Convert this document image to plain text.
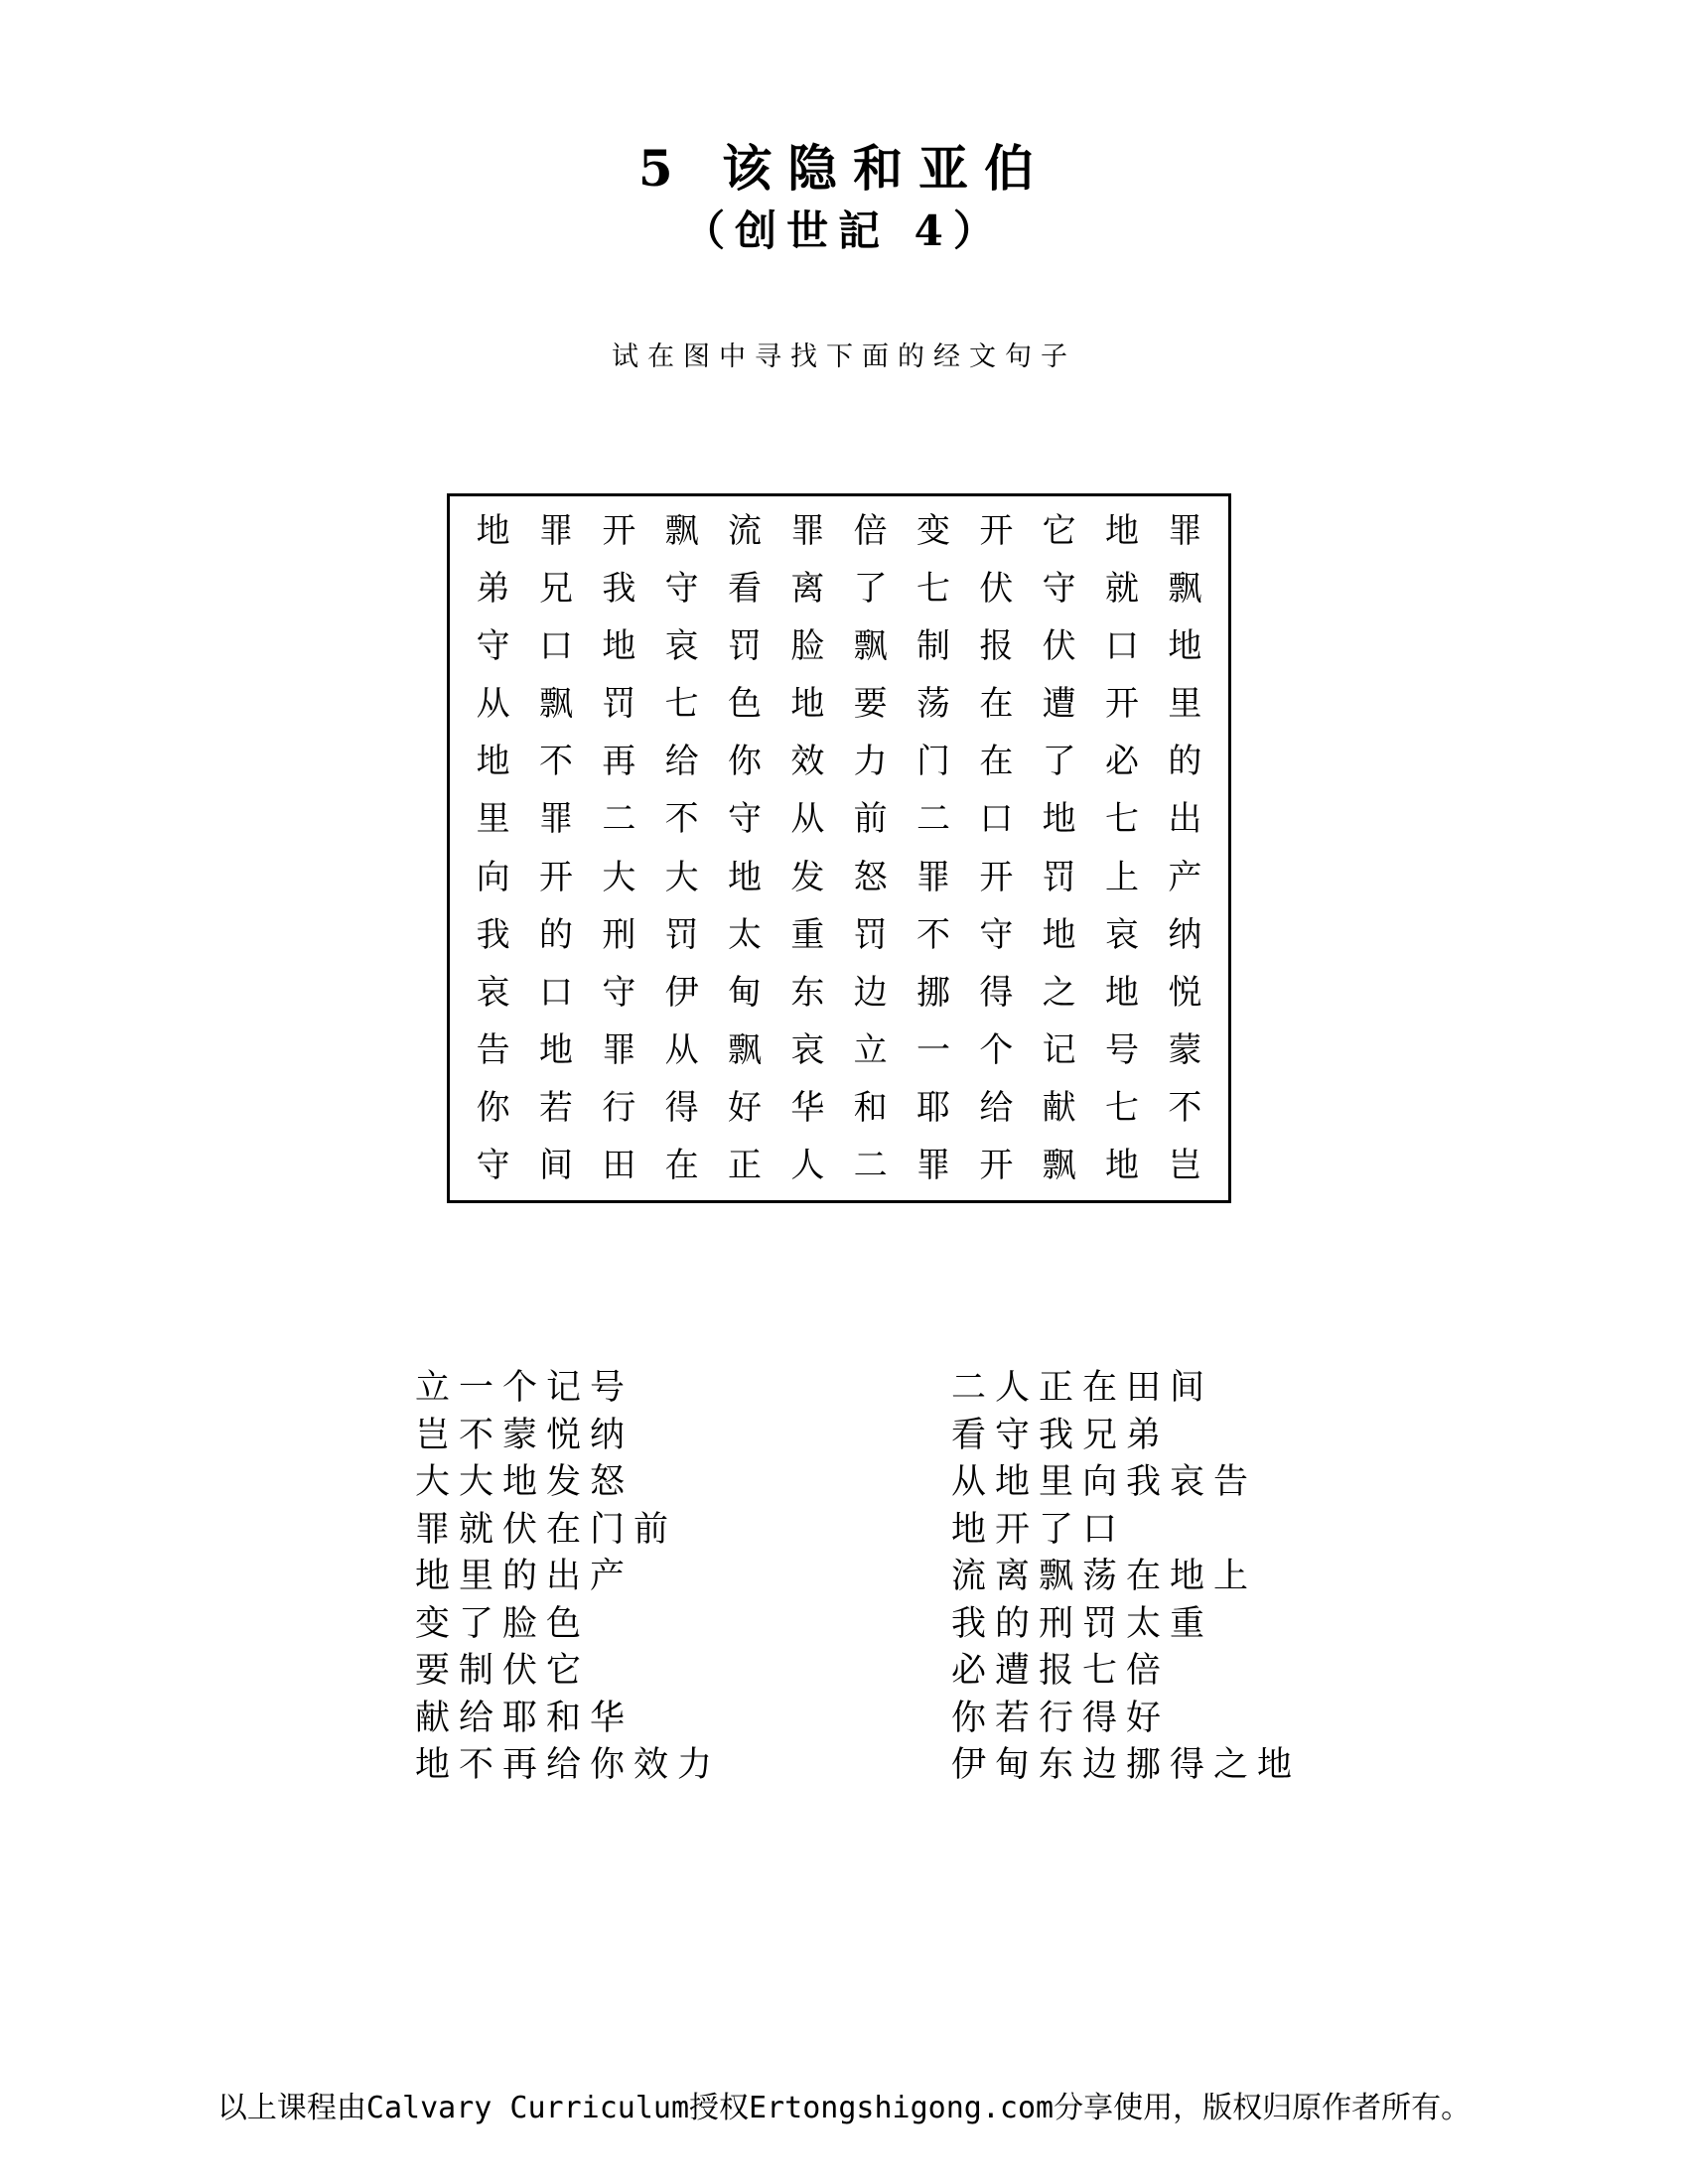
5 该隐和亚伯
（创世記 4）
试在图中寻找下面的经文句子
地 罪 开 飘 流 罪 倍 变 开 它 地 罪
弟 兄 我 守 看 离 了 七 伏 守 就 飘
守 口 地 哀 罚 脸 飘 制 报 伏 口 地
从 飘 罚 七 色 地 要 荡 在 遭 开 里
地 不 再 给 你 效 力 门 在 了 必 的
里 罪 二 不 守 从 前 二 口 地 七 出
向 开 大 大 地 发 怒 罪 开 罚 上 产
我 的 刑 罚 太 重 罚 不 守 地 哀 纳
哀 口 守 伊 甸 东 边 挪 得 之 地 悦
告 地 罪 从 飘 哀 立 一 个 记 号 蒙
你 若 行 得 好 华 和 耶 给 献 七 不
守 间 田 在 正 人 二 罪 开 飘 地 岂
立一个记号
岂不蒙悦纳
大大地发怒
罪就伏在门前
地里的出产
变了脸色
要制伏它
献给耶和华
地不再给你效力
二人正在田间
看守我兄弟
从地里向我哀告
地开了口
流离飘荡在地上
我的刑罚太重
必遭报七倍
你若行得好
伊甸东边挪得之地
以上课程由Calvary Curriculum授权Ertongshigong.com分享使用，版权归原作者所有。
